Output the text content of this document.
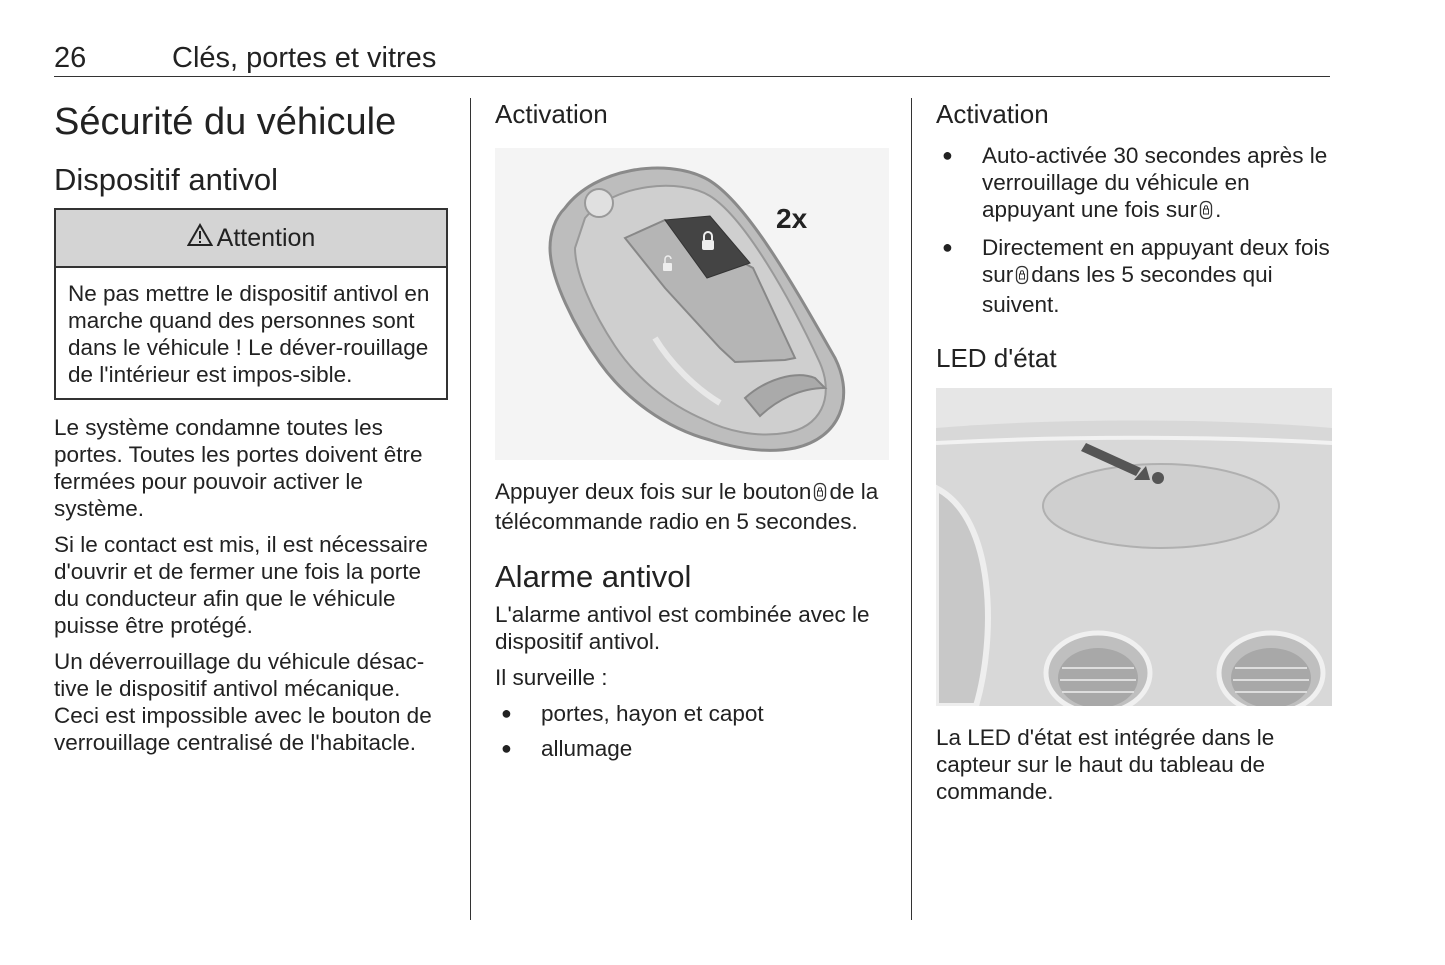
26	Clés, portes et vitres
Sécurité du véhicule
Dispositif antivol
Attention

Ne pas mettre le dispositif antivol en marche quand des personnes sont dans le véhicule ! Le déver-rouillage de l'intérieur est impos-sible.

Le système condamne toutes les portes. Toutes les portes doivent être fermées pour pouvoir activer le système.

Si le contact est mis, il est nécessaire d'ouvrir et de fermer une fois la porte du conducteur afin que le véhicule puisse être protégé.

Un déverrouillage du véhicule désac-tive le dispositif antivol mécanique. Ceci est impossible avec le bouton de verrouillage centralisé de l'habitacle.

Activation
2x

Appuyer deux fois sur le bouton de la télécommande radio en 5 secondes.

Alarme antivol

L'alarme antivol est combinée avec le dispositif antivol.

Il surveille :

● portes, hayon et capot
● allumage
Activation
● Auto-activée 30 secondes après le verrouillage du véhicule en appuyant une fois sur .
● Directement en appuyant deux fois sur dans les 5 secondes qui suivent.
LED d'état

La LED d'état est intégrée dans le capteur sur le haut du tableau de commande.
